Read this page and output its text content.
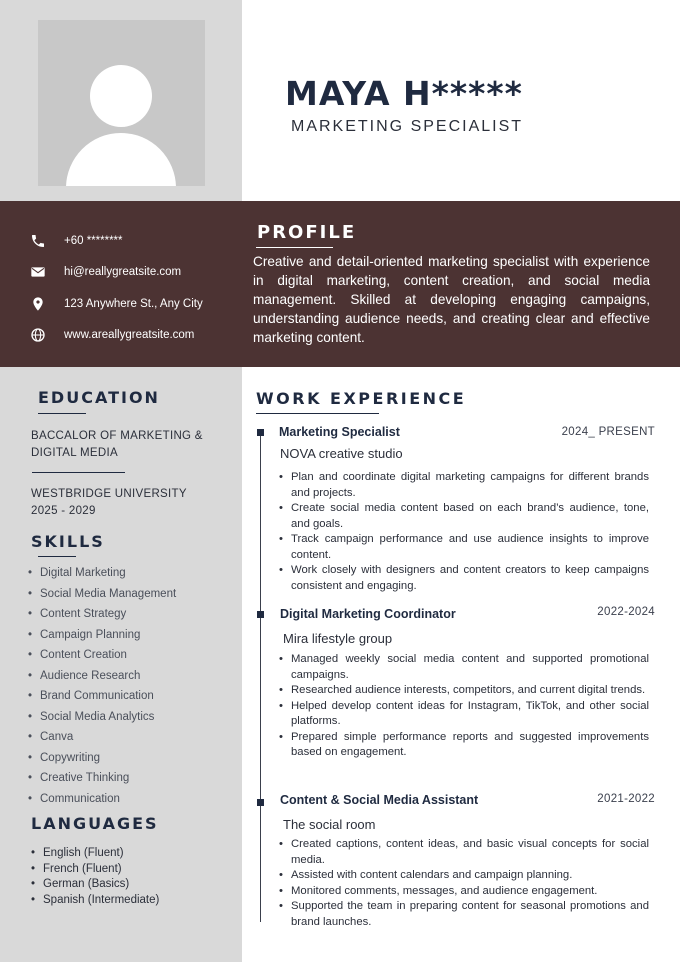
MAYA H*****
MARKETING SPECIALIST
+60 ********
hi@reallygreatsite.com
123 Anywhere St., Any City
www.areallygreatsite.com
PROFILE
Creative and detail-oriented marketing specialist with experience in digital marketing, content creation, and social media management. Skilled at developing engaging campaigns, understanding audience needs, and creating clear and effective marketing content.
EDUCATION
BACCALOR OF MARKETING &
DIGITAL MEDIA
WESTBRIDGE UNIVERSITY
2025 - 2029
SKILLS
• Digital Marketing
• Social Media Management
• Content Strategy
• Campaign Planning
• Content Creation
• Audience Research
• Brand Communication
• Social Media Analytics
• Canva
• Copywriting
• Creative Thinking
• Communication
LANGUAGES
• English (Fluent)
• French (Fluent)
• German (Basics)
• Spanish (Intermediate)
WORK EXPERIENCE
Marketing Specialist	2024_ PRESENT
NOVA creative studio
• Plan and coordinate digital marketing campaigns for different brands and projects.
• Create social media content based on each brand’s audience, tone, and goals.
• Track campaign performance and use audience insights to improve content.
• Work closely with designers and content creators to keep campaigns consistent and engaging.
Digital Marketing Coordinator	2022-2024
Mira lifestyle group
• Managed weekly social media content and supported promotional campaigns.
• Researched audience interests, competitors, and current digital trends.
• Helped develop content ideas for Instagram, TikTok, and other social platforms.
• Prepared simple performance reports and suggested improvements based on engagement.
Content & Social Media Assistant	2021-2022
The social room
• Created captions, content ideas, and basic visual concepts for social media.
• Assisted with content calendars and campaign planning.
• Monitored comments, messages, and audience engagement.
• Supported the team in preparing content for seasonal promotions and brand launches.
